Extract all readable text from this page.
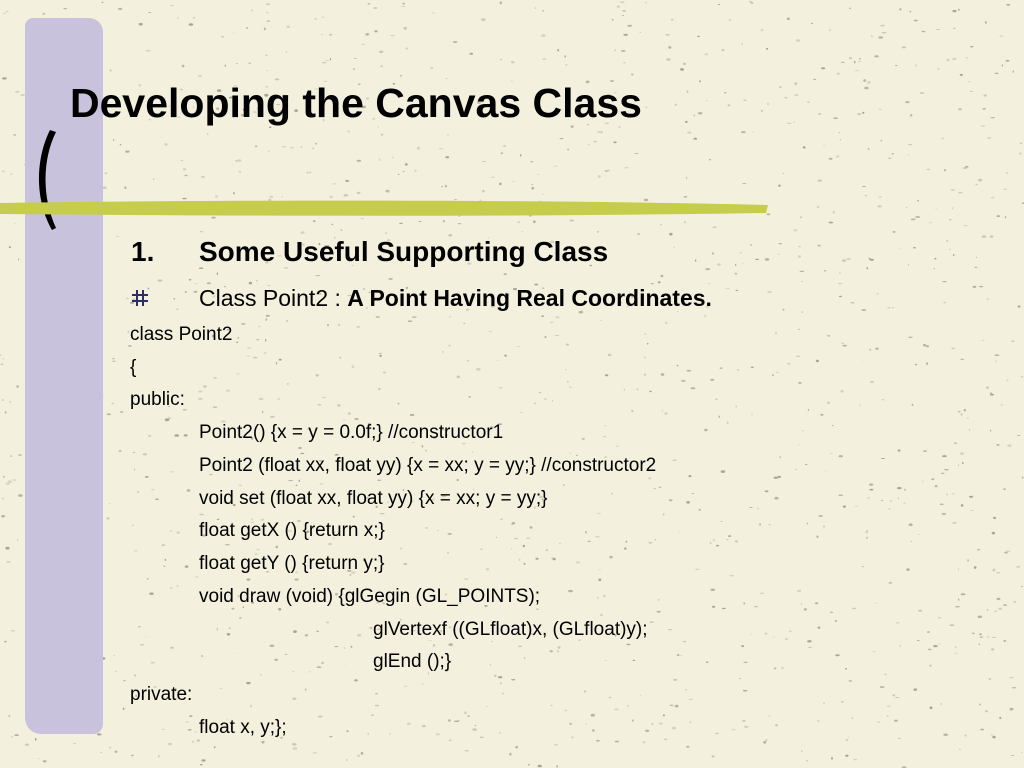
Developing the Canvas Class
1. Some Useful Supporting Class
Class Point2 : A Point Having Real Coordinates.
class Point2
{
public:
Point2() {x = y = 0.0f;} //constructor1
Point2 (float xx, float yy) {x = xx; y = yy;} //constructor2
void set (float xx, float yy) {x = xx; y = yy;}
float getX () {return x;}
float getY () {return y;}
void draw (void) {glGegin (GL_POINTS);
glVertexf ((GLfloat)x, (GLfloat)y);
glEnd ();}
private:
float x, y;};
